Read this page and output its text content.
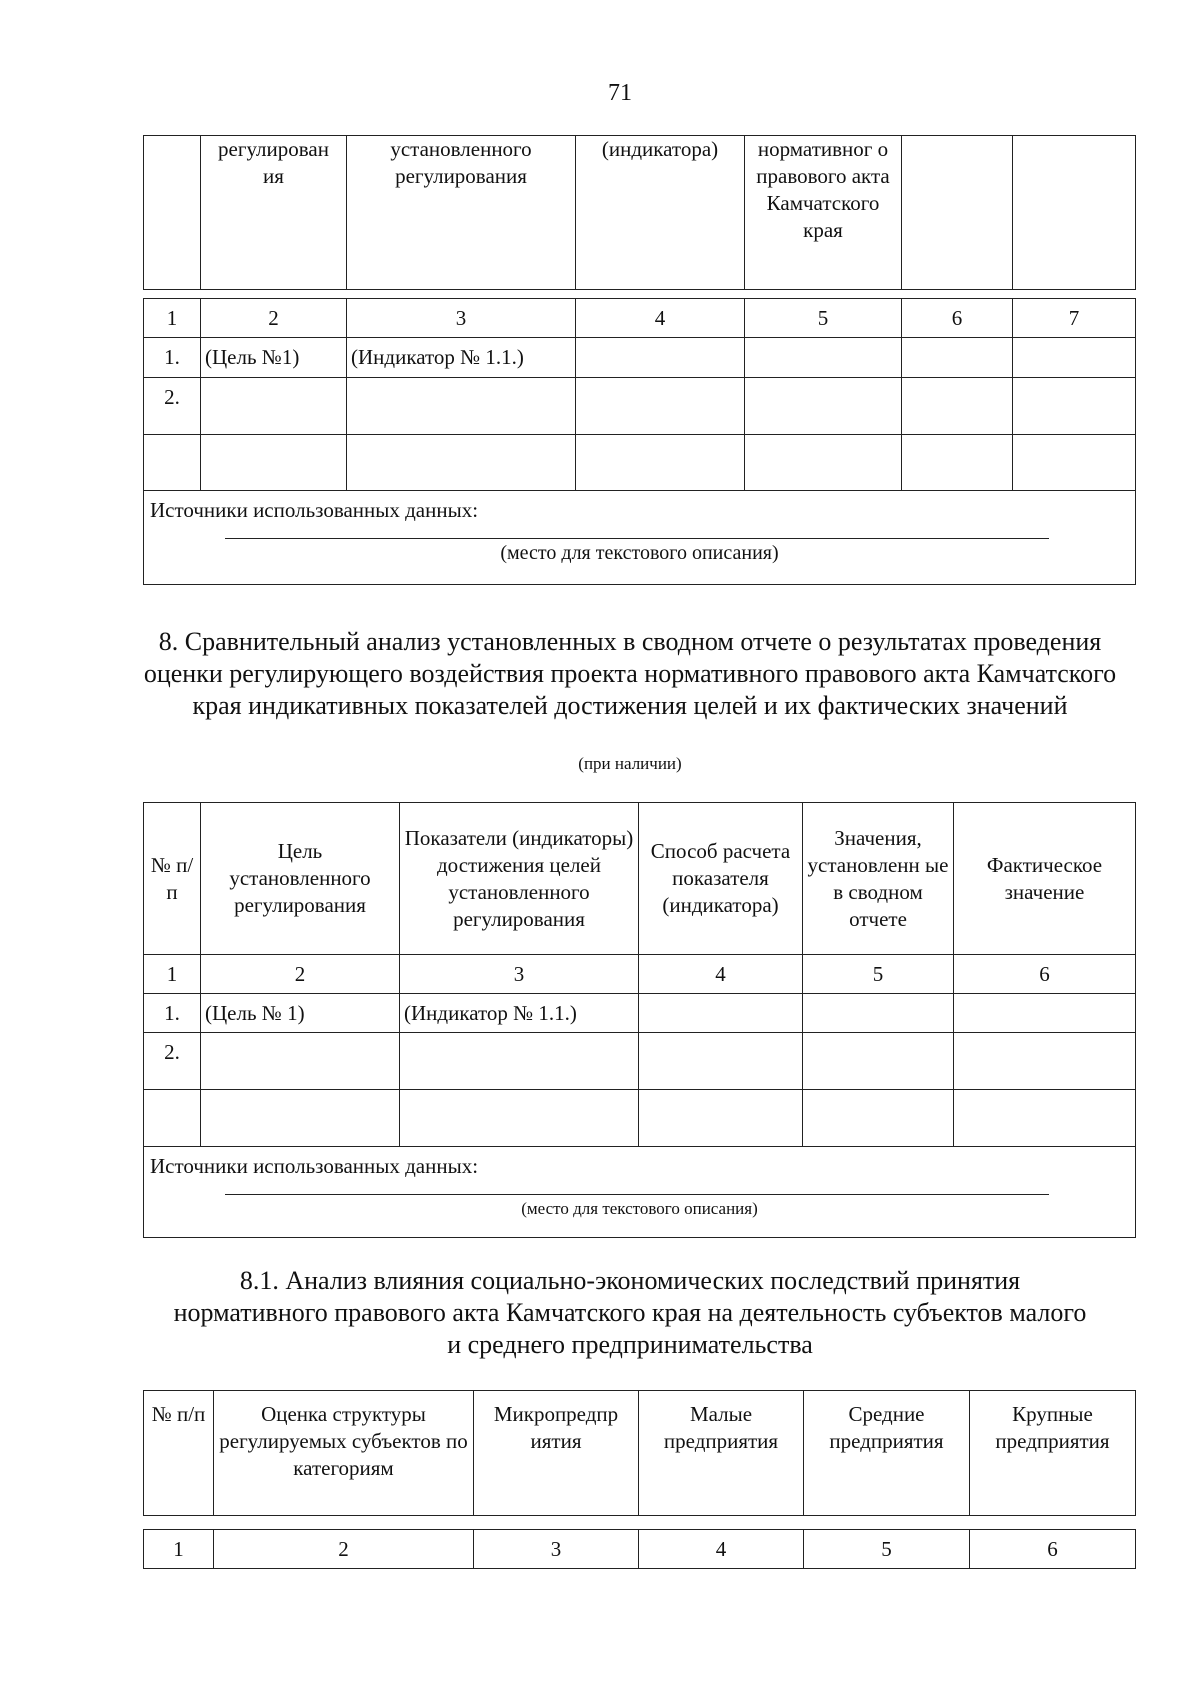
71
	регулирован ия	установленного регулирования	(индикатора)	нормативног о правового акта Камчатского края		
1	2	3	4	5	6	7
1.	(Цель №1)	(Индикатор № 1.1.)				
2.						

Источники использованных данных:
(место для текстового описания)						
8. Сравнительный анализ установленных в сводном отчете о результатах проведения оценки регулирующего воздействия проекта нормативного правового акта Камчатского края индикативных показателей достижения целей и их фактических значений
(при наличии)
№ п/п	Цель установленного регулирования	Показатели (индикаторы) достижения целей установленного регулирования	Способ расчета показателя (индикатора)	Значения, установленн ые в сводном отчете	Фактическое значение
1	2	3	4	5	6
1.	(Цель № 1)	(Индикатор № 1.1.)			
2.					

Источники использованных данных:
(место для текстового описания)					
8.1. Анализ влияния социально-экономических последствий принятия нормативного правового акта Камчатского края на деятельность субъектов малого и среднего предпринимательства
№ п/п	Оценка структуры регулируемых субъектов по категориям	Микропредпр иятия	Малые предприятия	Средние предприятия	Крупные предприятия
1	2	3	4	5	6
